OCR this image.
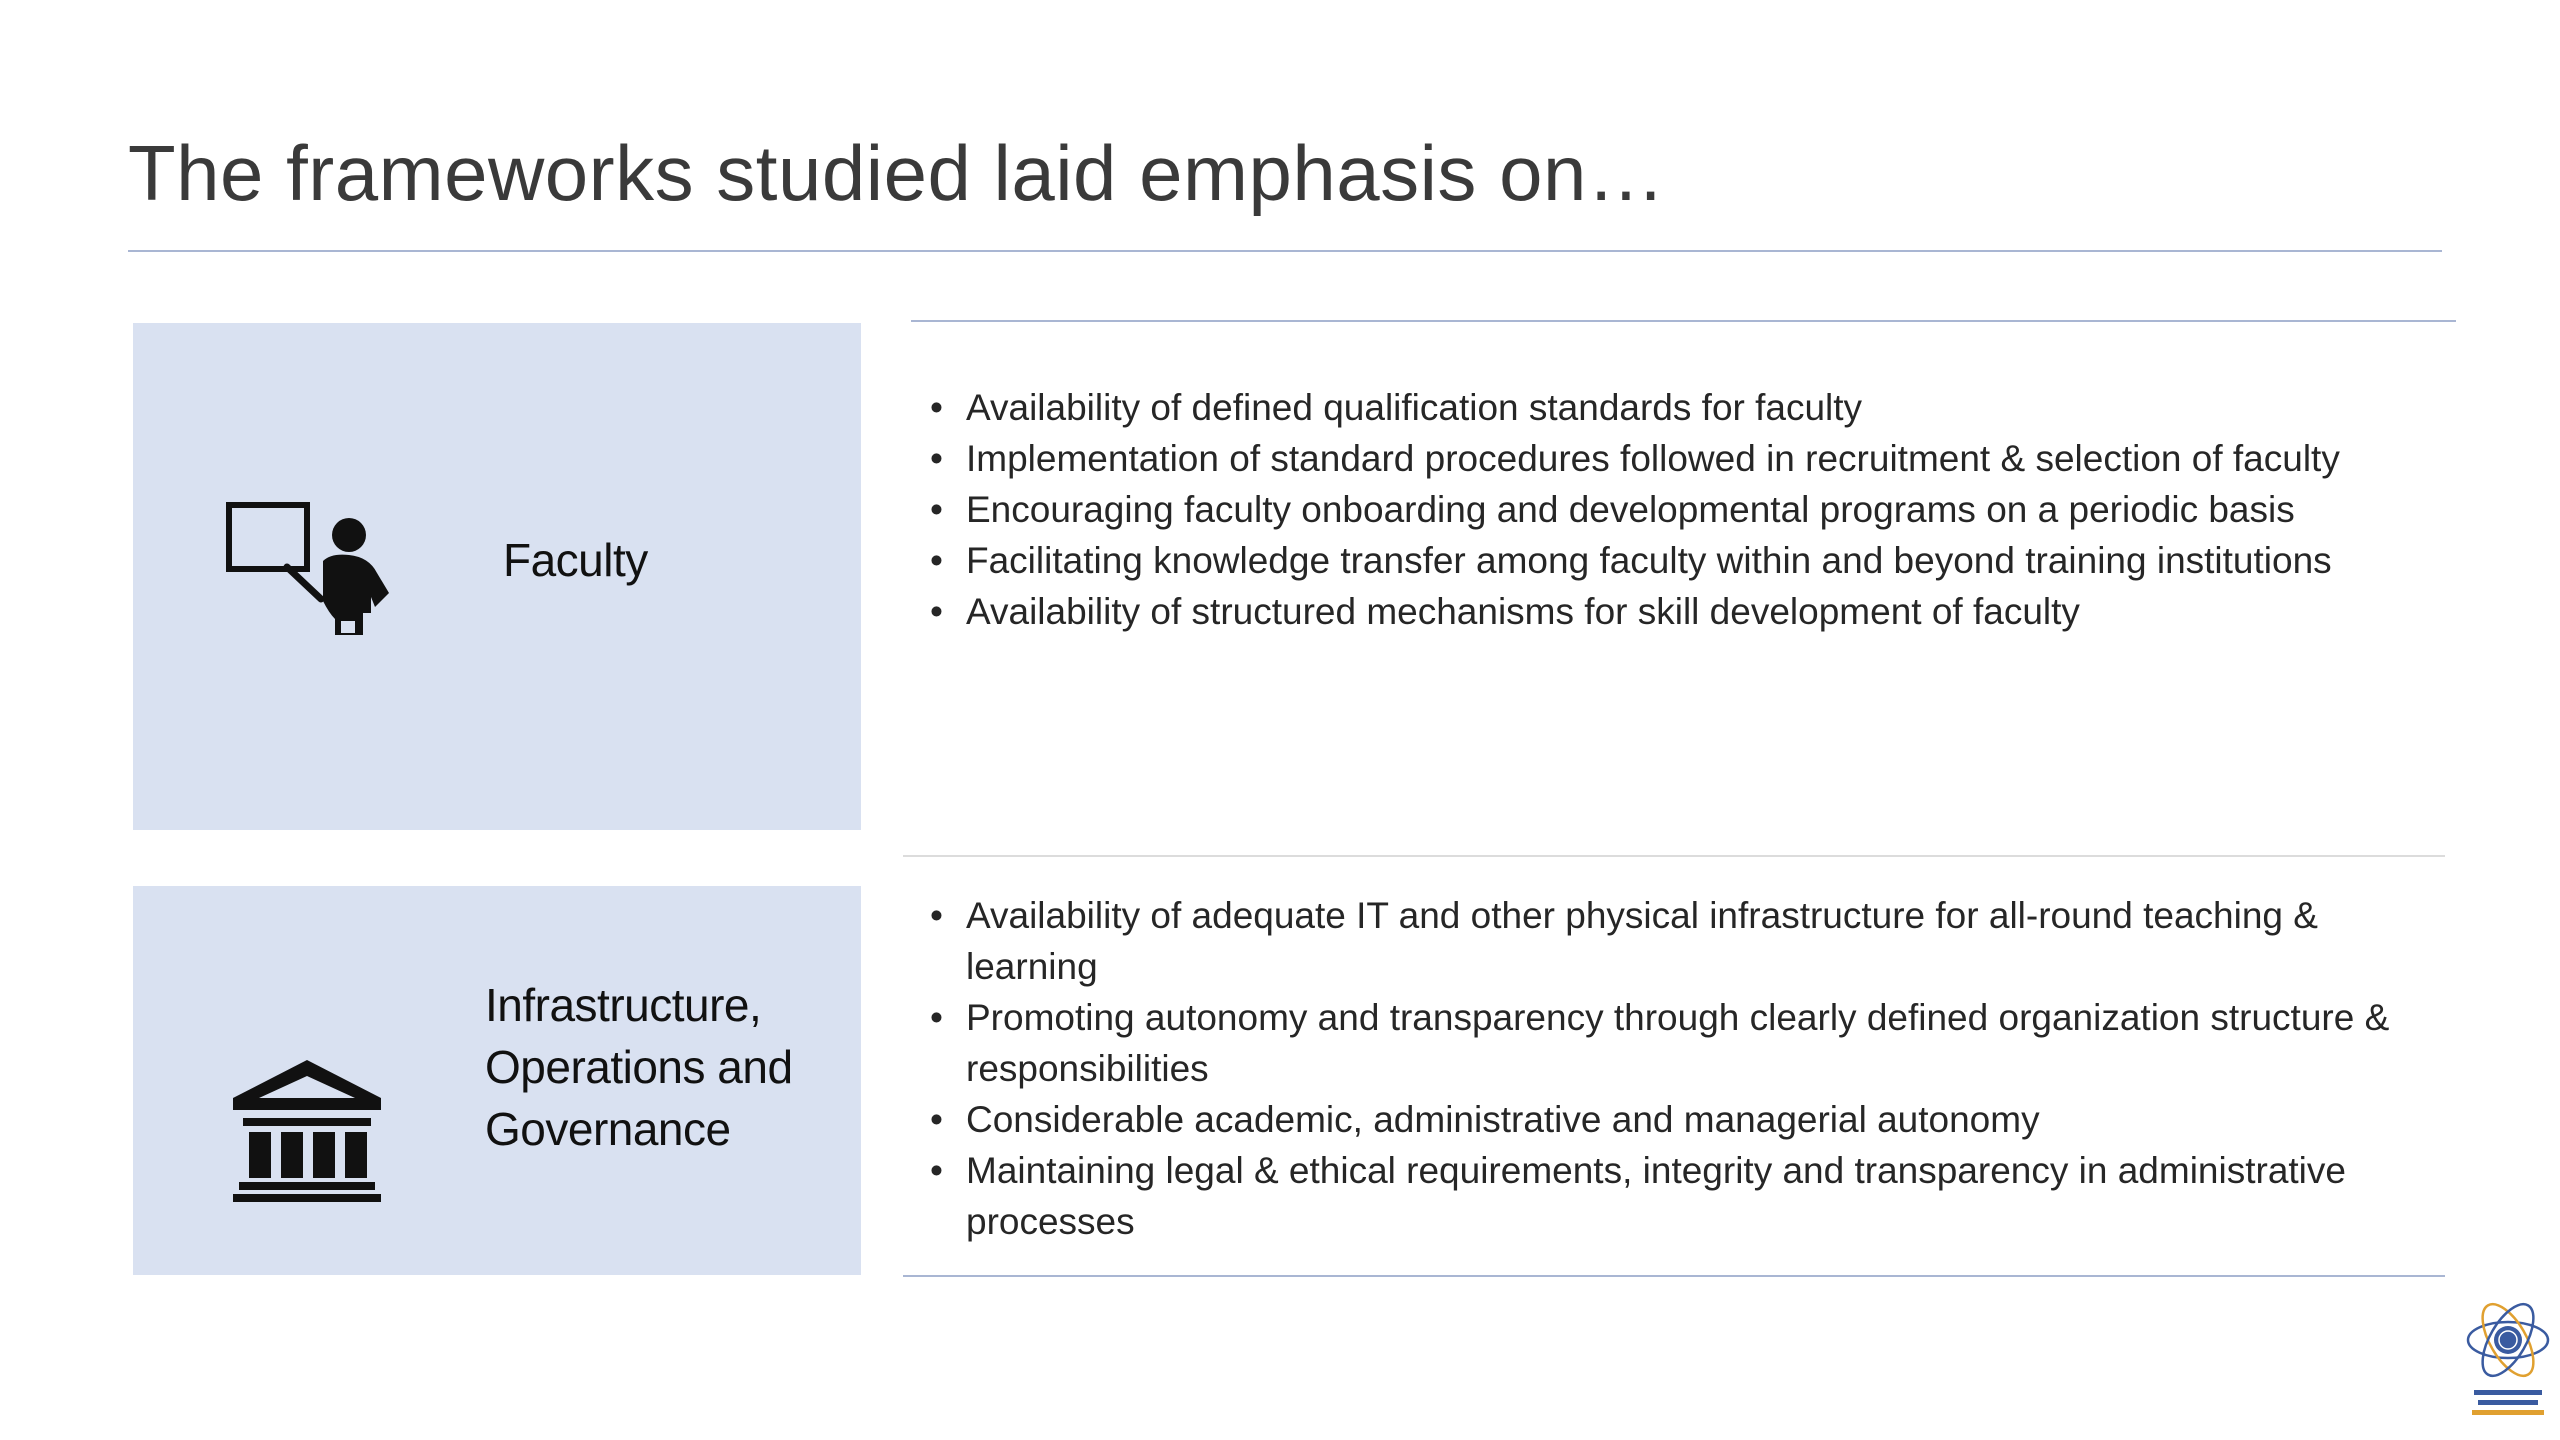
The frameworks studied laid emphasis on…
Faculty
• Availability of defined qualification standards for faculty
• Implementation of standard procedures followed in recruitment & selection of faculty
• Encouraging faculty onboarding and developmental programs on a periodic basis
• Facilitating knowledge transfer among faculty within and beyond training institutions
• Availability of structured mechanisms for skill development of faculty
Infrastructure, Operations and Governance
• Availability of adequate IT and other physical infrastructure for all-round teaching & learning
• Promoting autonomy and transparency through clearly defined organization structure & responsibilities
• Considerable academic, administrative and managerial autonomy
• Maintaining legal & ethical requirements, integrity and transparency in administrative processes
